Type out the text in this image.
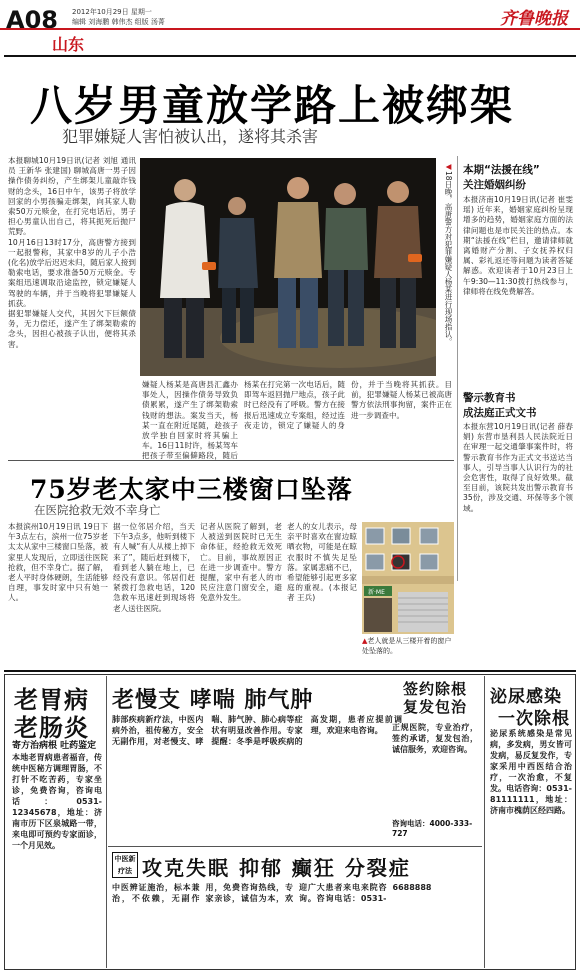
A08 2012年10月29日 星期一
编辑 刘海鹏 韩伟杰 组版 汤菁	齐鲁晚报
山东
八岁男童放学路上被绑架
犯罪嫌疑人害怕被认出，遂将其杀害
本报聊城10月19日讯(记者 刘旭 通讯员 王新华 张建国) 聊城高唐一男子因操作债务纠纷，产生绑架儿童敲诈钱财的念头，16日中午，该男子将放学回家的小男孩骗走绑架，向其家人勒索50万元赎金，在打完电话后，男子担心男童认出自己，将其扼死后抛尸荒野。
10月16日13时17分，高唐警方接到一起报警称，其家中8岁的儿子小浩(化名)放学后迟迟未归，随后家人接到勒索电话，要求准备50万元赎金。专案组迅速调取沿途监控，锁定嫌疑人驾驶的车辆，并于当晚将犯罪嫌疑人抓获。
据犯罪嫌疑人交代，其因欠下巨额债务，无力偿还，遂产生了绑架勒索的念头，因担心被孩子认出，便将其杀害。
◀18日晚，高唐警方对犯罪嫌疑人杨某进行现场指认。
嫌疑人杨某是高唐县汇鑫办事处人，因操作债务导致负债累累，遂产生了绑架勒索钱财的想法。案发当天，杨某一直在附近尾随，趁孩子放学独自回家时将其骗上车。16日11时许，杨某驾车把孩子带至偏僻路段，随后
杨某在打完第一次电话后，随即驾车返回抛尸地点，孩子此时已经没有了呼吸。警方在接报后迅速成立专案组，经过连夜走访，锁定了嫌疑人的身份，并于当晚将其抓获。目前，犯罪嫌疑人杨某已被高唐警方依法刑事拘留，案件正在进一步调查中。
本期“法援在线”
关注婚姻纠纷
本报济南10月19日讯(记者 崔雯瑶) 近年来，婚姻家庭纠纷呈现增多的趋势，婚姻家庭方面的法律问题也是市民关注的热点。本期“法援在线”栏目，邀请律师就离婚财产分割、子女抚养权归属、彩礼返还等问题为读者答疑解惑。欢迎读者于10月23日上午9:30—11:30拨打热线参与，律师将在线免费解答。
警示教育书
成法庭正式文书
本报东营10月19日讯(记者 薛春娟) 东营市垦利县人民法院近日在审理一起交通肇事案件时，将警示教育书作为正式文书送达当事人，引导当事人认识行为的社会危害性，取得了良好效果。截至目前，该院共发出警示教育书35份，涉及交通、环保等多个领域。
75岁老太家中三楼窗口坠落
在医院抢救无效不幸身亡
本报滨州10月19日讯 19日下午3点左右，滨州一位75岁老太太从家中三楼窗口坠落，被家里人发现后，立即送往医院抢救，但不幸身亡。据了解，老人平时身体硬朗，生活能够自理，事发时家中只有她一人。
据一位邻居介绍，当天下午3点多，他听到楼下有人喊“有人从楼上掉下来了”，随后赶到楼下，看到老人躺在地上，已经没有意识。邻居们赶紧拨打急救电话，120急救车迅速赶到现场将老人送往医院。
记者从医院了解到，老人被送到医院时已无生命体征，经抢救无效死亡。目前，事故原因正在进一步调查中。警方提醒，家中有老人的市民应注意门窗安全，避免意外发生。
老人的女儿表示，母亲平时喜欢在窗边晾晒衣物，可能是在晾衣服时不慎失足坠落。家属悲痛不已，希望能够引起更多家庭的重视。(本报记者 王兵)
新·ME
▲老人就是从三楼开着的窗户处坠落的。
老胃病
老肠炎
寄方治病根 吐药鉴定
本地老胃病患者福音，传统中医秘方调理胃肠，不打针不吃苦药，专家坐诊，免费咨询，咨询电话：0531-12345678，地址：济南市历下区泉城路一带，来电即可预约专家面诊，一个月见效。
老慢支 哮喘 肺气肿
肺部疾病新疗法，中医内病外治，祖传秘方，安全无副作用，对老慢支、哮喘、肺气肿、肺心病等症状有明显改善作用。专家提醒：冬季是呼吸疾病的高发期，患者应提前调理，欢迎来电咨询。
签约除根 复发包治
正规医院，专业治疗，签约承诺，复发包治，诚信服务，欢迎咨询。
咨询电话：4000-333-727
泌尿感染
一次除根
泌尿系统感染是常见病，多发病，男女皆可发病，易反复发作，专家采用中西医结合治疗，一次治愈，不复发。电话咨询：0531-81111111，地址：济南市槐荫区经四路。
中医新疗法 攻克失眠 抑郁 癫狂 分裂症
中医辨证施治，标本兼治，不依赖，无副作用，免费咨询热线，专家亲诊，诚信为本，欢迎广大患者来电来院咨询。咨询电话：0531-6688888
